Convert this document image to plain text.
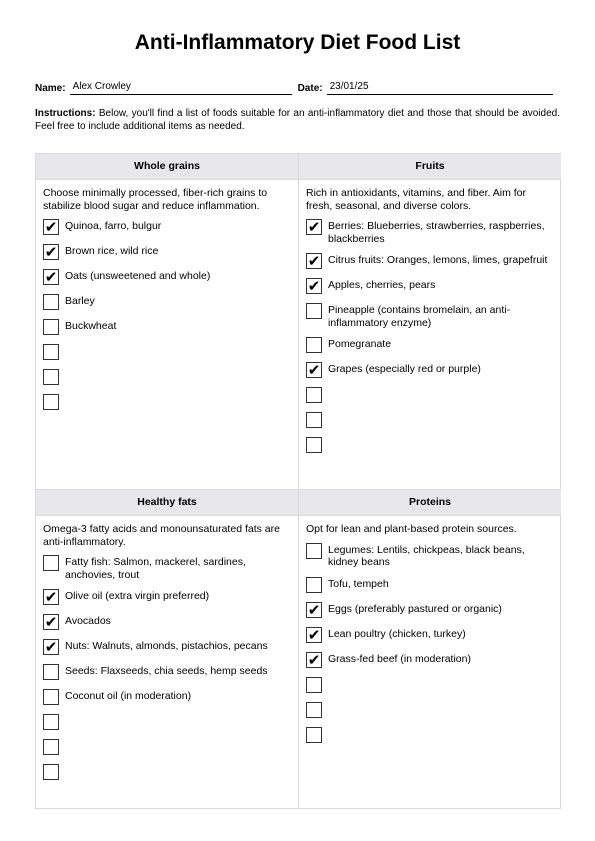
Anti-Inflammatory Diet Food List
Name: Alex Crowley	Date: 23/01/25
Instructions: Below, you'll find a list of foods suitable for an anti-inflammatory diet and those that should be avoided. Feel free to include additional items as needed.
Whole grains

Choose minimally processed, fiber-rich grains to stabilize blood sugar and reduce inflammation.

✔ Quinoa, farro, bulgur
✔ Brown rice, wild rice
✔ Oats (unsweetened and whole)
Barley
Buckwheat
Fruits

Rich in antioxidants, vitamins, and fiber. Aim for fresh, seasonal, and diverse colors.

✔ Berries: Blueberries, strawberries, raspberries, blackberries
✔ Citrus fruits: Oranges, lemons, limes, grapefruit
✔ Apples, cherries, pears
Pineapple (contains bromelain, an anti-inflammatory enzyme)
Pomegranate
✔ Grapes (especially red or purple)
Healthy fats

Omega-3 fatty acids and monounsaturated fats are anti-inflammatory.

Fatty fish: Salmon, mackerel, sardines, anchovies, trout
✔ Olive oil (extra virgin preferred)
✔ Avocados
✔ Nuts: Walnuts, almonds, pistachios, pecans
Seeds: Flaxseeds, chia seeds, hemp seeds
Coconut oil (in moderation)
Proteins

Opt for lean and plant-based protein sources.

Legumes: Lentils, chickpeas, black beans, kidney beans
Tofu, tempeh
✔ Eggs (preferably pastured or organic)
✔ Lean poultry (chicken, turkey)
✔ Grass-fed beef (in moderation)
